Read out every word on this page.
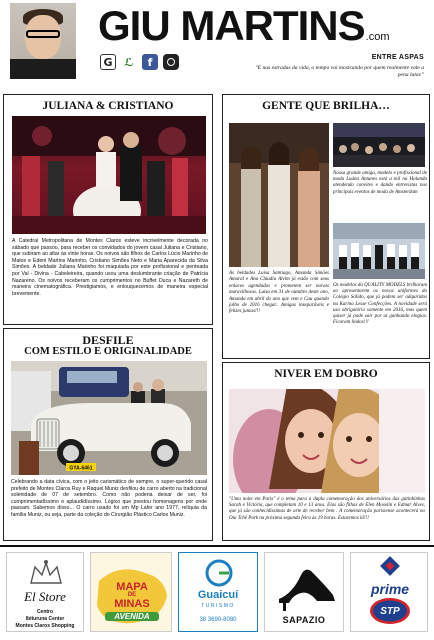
GIU MARTINS.com
G	ℒ	f	ENTRE ASPAS
"E nas estradas da vida, o tempo vai mostrando por quem realmente vale a pena lutar."
JULIANA & CRISTIANO
A Catedral Metropolitana de Montes Claros esteve incrivelmente decorada no sábado que passou, para receber os convidados do jovem casal Juliana e Cristiano, que subiram ao altar às vinte horas. Os noivos são filhos de Carlos Lúcio Marinho de Matos e Edeni Martins Marinho, Cristiano Simões Neto e Maria Aparecida da Silva Simões. A beldade Juliana Marinho foi maquiada por este profissional e penteada por Val - Divina - Cabeleireira, quando usou uma deslumbrante criação de Patrícia Nazareno. Os noivos receberam os cumprimentos no Buffet Duca e Nazareth de maneira cinematográfica. Prestigiamos, e enlouquecemos de maneira especial brevemente.
GENTE QUE BRILHA…
Nossa grande amiga, modelo e profissional de moda Luána Antunes está a mil na Holanda atendendo convites e dando entrevistas nos principais eventos de moda de Amsterdam
As beldades Luísa Santiago, Amanda Simões Amaral e Ana Cláudia Alvim já estão com seus enlaces agendados e prometem ser noivas maravilhosas. Luísa em 31 de outubro deste ano, Amanda em abril do ano que vem e Cau quando julho de 2016 chegar.. Amigas inseparáveis e felizes juntas!!!
Os modelos da QUALITY MODELS brilharam ao apresentarem os novos uniformes do Colégio Sólido, que já podem ser adquiridos na Karina Lesse Confecções. A novidade será uso obrigatório somente em 2016, mas quem quiser já pode sair por aí ganhando elogios. Ficaram lindos!!!
DESFILE
COM ESTILO E ORIGINALIDADE
GYA-6461
Celebrando a data cívica, com o jeito carismático de sempre, o super-querido casal prefeito de Montes Claros Ruy e Raquel Muniz desfilou de carro aberto na tradicional solenidade de 07 de setembro. Como não poderia deixar de ser, foi cumprimentadíssimo e aplaudidíssimo. Lógico que prestou homenagens por onde passam. Sabemos disso... O carro usado foi um Mp Lafer ano 1977, relíquia da família Muniz, ou seja, parte da coleção do Cirurgião Plástico Carlos Muniz.
NIVER EM DOBRO
"Uma noite em Paris" é o tema para a dupla comemoração dos aniversários das gatinhinhas Sarah e Victória, que completam 10 e 13 anos. Elas são filhas de Elen Moselin e Edmar Alves, que já são conhecidíssimas de arte de receber bem . A comemoração parisiense acontecerá no Oui Tchê Park na próxima segunda feira às 19 horas. Estaremos lá!!!
El Store
Centro
Ibituruna Center
Montes Claros Shopping
MAPA
DE
MINAS
AVENIDA
Guaicuí
TURISMO
38 3690-8080	SAPAZIO
prime
STP
